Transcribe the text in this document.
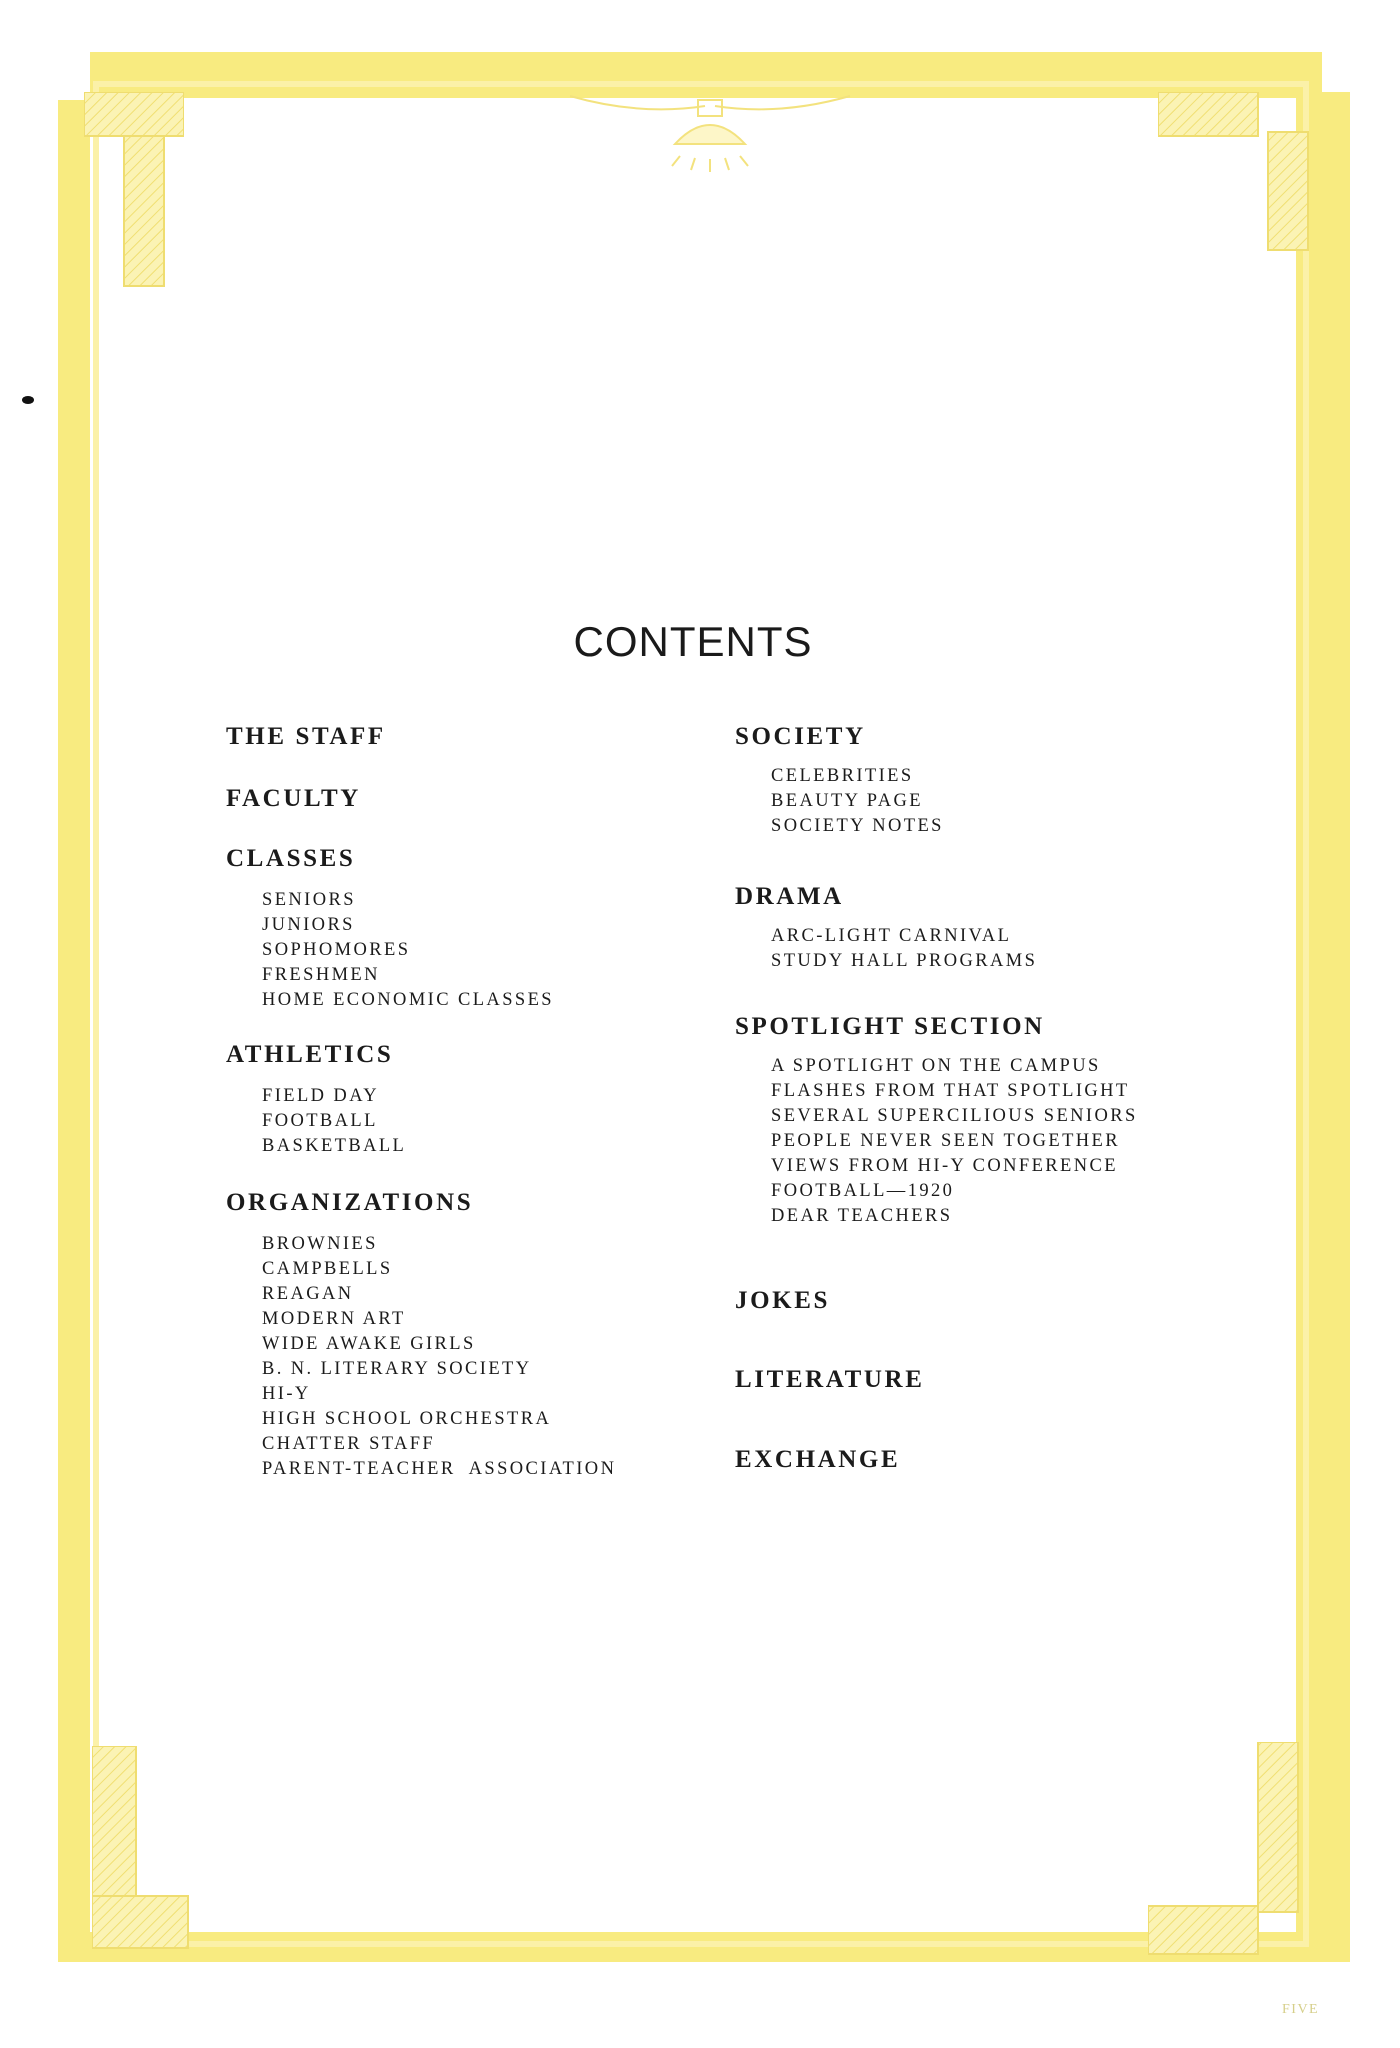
CONTENTS
THE STAFF
FACULTY
CLASSES
SENIORS
JUNIORS
SOPHOMORES
FRESHMEN
HOME ECONOMIC CLASSES
ATHLETICS
FIELD DAY
FOOTBALL
BASKETBALL
ORGANIZATIONS
BROWNIES
CAMPBELLS
REAGAN
MODERN ART
WIDE AWAKE GIRLS
B. N. LITERARY SOCIETY
HI-Y
HIGH SCHOOL ORCHESTRA
CHATTER STAFF
PARENT-TEACHER  ASSOCIATION
SOCIETY
CELEBRITIES
BEAUTY PAGE
SOCIETY NOTES
DRAMA
ARC-LIGHT CARNIVAL
STUDY HALL PROGRAMS
SPOTLIGHT SECTION
A SPOTLIGHT ON THE CAMPUS
FLASHES FROM THAT SPOTLIGHT
SEVERAL SUPERCILIOUS SENIORS
PEOPLE NEVER SEEN TOGETHER
VIEWS FROM HI-Y CONFERENCE
FOOTBALL—1920
DEAR TEACHERS
JOKES
LITERATURE
EXCHANGE
FIVE
